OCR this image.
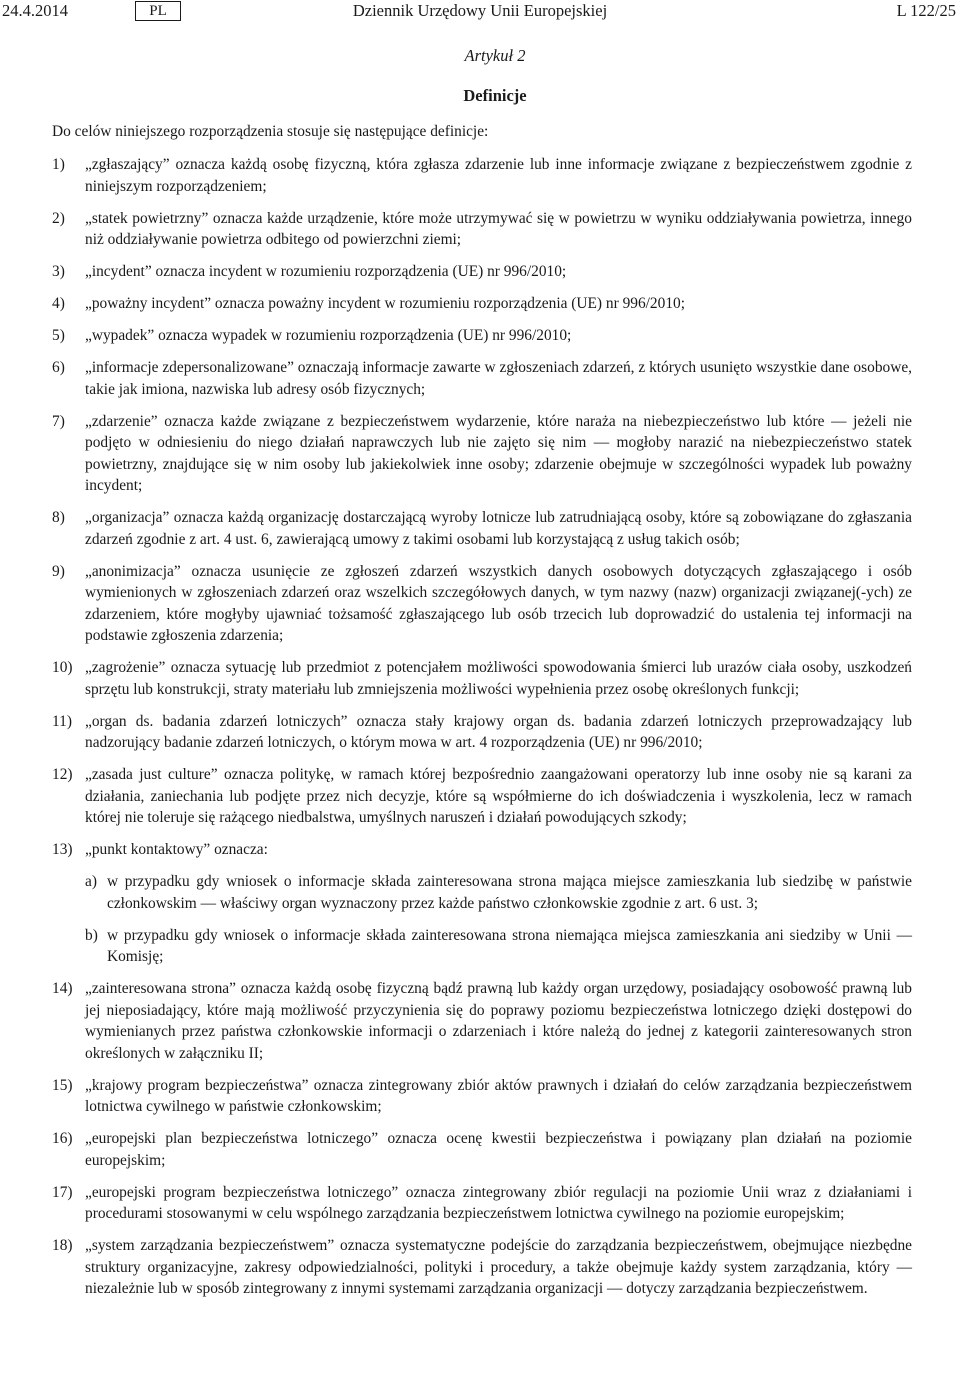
24.4.2014	PL	Dziennik Urzędowy Unii Europejskiej	L 122/25
Artykuł 2
Definicje
Do celów niniejszego rozporządzenia stosuje się następujące definicje:
1) „zgłaszający” oznacza każdą osobę fizyczną, która zgłasza zdarzenie lub inne informacje związane z bezpieczeństwem zgodnie z niniejszym rozporządzeniem;
2) „statek powietrzny” oznacza każde urządzenie, które może utrzymywać się w powietrzu w wyniku oddziaływania powietrza, innego niż oddziaływanie powietrza odbitego od powierzchni ziemi;
3) „incydent” oznacza incydent w rozumieniu rozporządzenia (UE) nr 996/2010;
4) „poważny incydent” oznacza poważny incydent w rozumieniu rozporządzenia (UE) nr 996/2010;
5) „wypadek” oznacza wypadek w rozumieniu rozporządzenia (UE) nr 996/2010;
6) „informacje zdepersonalizowane” oznaczają informacje zawarte w zgłoszeniach zdarzeń, z których usunięto wszystkie dane osobowe, takie jak imiona, nazwiska lub adresy osób fizycznych;
7) „zdarzenie” oznacza każde związane z bezpieczeństwem wydarzenie, które naraża na niebezpieczeństwo lub które — jeżeli nie podjęto w odniesieniu do niego działań naprawczych lub nie zajęto się nim — mogłoby narazić na niebezpieczeństwo statek powietrzny, znajdujące się w nim osoby lub jakiekolwiek inne osoby; zdarzenie obejmuje w szczególności wypadek lub poważny incydent;
8) „organizacja” oznacza każdą organizację dostarczającą wyroby lotnicze lub zatrudniającą osoby, które są zobowiązane do zgłaszania zdarzeń zgodnie z art. 4 ust. 6, zawierającą umowy z takimi osobami lub korzystającą z usług takich osób;
9) „anonimizacja” oznacza usunięcie ze zgłoszeń zdarzeń wszystkich danych osobowych dotyczących zgłaszającego i osób wymienionych w zgłoszeniach zdarzeń oraz wszelkich szczegółowych danych, w tym nazwy (nazw) organizacji związanej(-ych) ze zdarzeniem, które mogłyby ujawniać tożsamość zgłaszającego lub osób trzecich lub doprowadzić do ustalenia tej informacji na podstawie zgłoszenia zdarzenia;
10) „zagrożenie” oznacza sytuację lub przedmiot z potencjałem możliwości spowodowania śmierci lub urazów ciała osoby, uszkodzeń sprzętu lub konstrukcji, straty materiału lub zmniejszenia możliwości wypełnienia przez osobę określonych funkcji;
11) „organ ds. badania zdarzeń lotniczych” oznacza stały krajowy organ ds. badania zdarzeń lotniczych przeprowadzający lub nadzorujący badanie zdarzeń lotniczych, o którym mowa w art. 4 rozporządzenia (UE) nr 996/2010;
12) „zasada just culture” oznacza politykę, w ramach której bezpośrednio zaangażowani operatorzy lub inne osoby nie są karani za działania, zaniechania lub podjęte przez nich decyzje, które są współmierne do ich doświadczenia i wyszkolenia, lecz w ramach której nie toleruje się rażącego niedbalstwa, umyślnych naruszeń i działań powodujących szkody;
13) „punkt kontaktowy” oznacza:
a) w przypadku gdy wniosek o informacje składa zainteresowana strona mająca miejsce zamieszkania lub siedzibę w państwie członkowskim — właściwy organ wyznaczony przez każde państwo członkowskie zgodnie z art. 6 ust. 3;
b) w przypadku gdy wniosek o informacje składa zainteresowana strona niemająca miejsca zamieszkania ani siedziby w Unii — Komisję;
14) „zainteresowana strona” oznacza każdą osobę fizyczną bądź prawną lub każdy organ urzędowy, posiadający osobowość prawną lub jej nieposiadający, które mają możliwość przyczynienia się do poprawy poziomu bezpieczeństwa lotniczego dzięki dostępowi do wymienianych przez państwa członkowskie informacji o zdarzeniach i które należą do jednej z kategorii zainteresowanych stron określonych w załączniku II;
15) „krajowy program bezpieczeństwa” oznacza zintegrowany zbiór aktów prawnych i działań do celów zarządzania bezpieczeństwem lotnictwa cywilnego w państwie członkowskim;
16) „europejski plan bezpieczeństwa lotniczego” oznacza ocenę kwestii bezpieczeństwa i powiązany plan działań na poziomie europejskim;
17) „europejski program bezpieczeństwa lotniczego” oznacza zintegrowany zbiór regulacji na poziomie Unii wraz z działaniami i procedurami stosowanymi w celu wspólnego zarządzania bezpieczeństwem lotnictwa cywilnego na poziomie europejskim;
18) „system zarządzania bezpieczeństwem” oznacza systematyczne podejście do zarządzania bezpieczeństwem, obejmujące niezbędne struktury organizacyjne, zakresy odpowiedzialności, polityki i procedury, a także obejmuje każdy system zarządzania, który — niezależnie lub w sposób zintegrowany z innymi systemami zarządzania organizacji — dotyczy zarządzania bezpieczeństwem.
